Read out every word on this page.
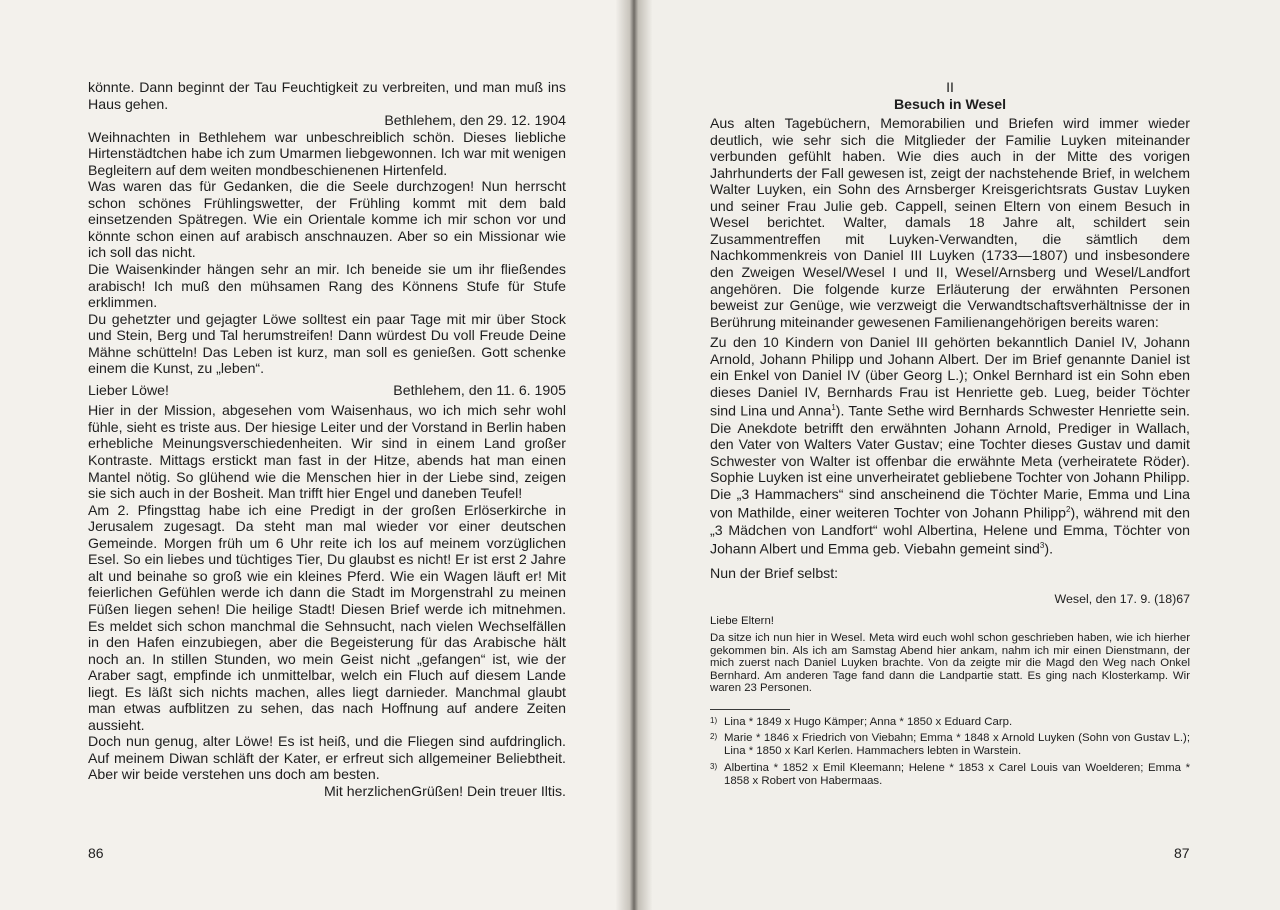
könnte. Dann beginnt der Tau Feuchtigkeit zu verbreiten, und man muß ins Haus gehen.

Bethlehem, den 29. 12. 1904

Weihnachten in Bethlehem war unbeschreiblich schön. Dieses liebliche Hirtenstädtchen habe ich zum Umarmen liebgewonnen. Ich war mit wenigen Begleitern auf dem weiten mondbeschienenen Hirtenfeld.

Was waren das für Gedanken, die die Seele durchzogen! Nun herrscht schon schönes Frühlingswetter, der Frühling kommt mit dem bald einsetzenden Spätregen. Wie ein Orientale komme ich mir schon vor und könnte schon einen auf arabisch anschnauzen. Aber so ein Missionar wie ich soll das nicht.

Die Waisenkinder hängen sehr an mir. Ich beneide sie um ihr fließendes arabisch! Ich muß den mühsamen Rang des Könnens Stufe für Stufe erklimmen.

Du gehetzter und gejagter Löwe solltest ein paar Tage mit mir über Stock und Stein, Berg und Tal herumstreifen! Dann würdest Du voll Freude Deine Mähne schütteln! Das Leben ist kurz, man soll es genießen. Gott schenke einem die Kunst, zu „leben“.

Lieber Löwe!	Bethlehem, den 11. 6. 1905

Hier in der Mission, abgesehen vom Waisenhaus, wo ich mich sehr wohl fühle, sieht es triste aus. Der hiesige Leiter und der Vorstand in Berlin haben erhebliche Meinungsverschiedenheiten. Wir sind in einem Land großer Kontraste. Mittags erstickt man fast in der Hitze, abends hat man einen Mantel nötig. So glühend wie die Menschen hier in der Liebe sind, zeigen sie sich auch in der Bosheit. Man trifft hier Engel und daneben Teufel!

Am 2. Pfingsttag habe ich eine Predigt in der großen Erlöserkirche in Jerusalem zugesagt. Da steht man mal wieder vor einer deutschen Gemeinde. Morgen früh um 6 Uhr reite ich los auf meinem vorzüglichen Esel. So ein liebes und tüchtiges Tier, Du glaubst es nicht! Er ist erst 2 Jahre alt und beinahe so groß wie ein kleines Pferd. Wie ein Wagen läuft er! Mit feierlichen Gefühlen werde ich dann die Stadt im Morgenstrahl zu meinen Füßen liegen sehen! Die heilige Stadt! Diesen Brief werde ich mitnehmen. Es meldet sich schon manchmal die Sehnsucht, nach vielen Wechselfällen in den Hafen einzubiegen, aber die Begeisterung für das Arabische hält noch an. In stillen Stunden, wo mein Geist nicht „gefangen“ ist, wie der Araber sagt, empfinde ich unmittelbar, welch ein Fluch auf diesem Lande liegt. Es läßt sich nichts machen, alles liegt darnieder. Manchmal glaubt man etwas aufblitzen zu sehen, das nach Hoffnung auf andere Zeiten aussieht.

Doch nun genug, alter Löwe! Es ist heiß, und die Fliegen sind aufdringlich. Auf meinem Diwan schläft der Kater, er erfreut sich allgemeiner Beliebtheit. Aber wir beide verstehen uns doch am besten.

Mit herzlichenGrüßen! Dein treuer Iltis.

86
II
Besuch in Wesel

Aus alten Tagebüchern, Memorabilien und Briefen wird immer wieder deutlich, wie sehr sich die Mitglieder der Familie Luyken miteinander verbunden gefühlt haben. Wie dies auch in der Mitte des vorigen Jahrhunderts der Fall gewesen ist, zeigt der nachstehende Brief, in welchem Walter Luyken, ein Sohn des Arnsberger Kreisgerichtsrats Gustav Luyken und seiner Frau Julie geb. Cappell, seinen Eltern von einem Besuch in Wesel berichtet. Walter, damals 18 Jahre alt, schildert sein Zusammentreffen mit Luyken-Verwandten, die sämtlich dem Nachkommenkreis von Daniel III Luyken (1733—1807) und insbesondere den Zweigen Wesel/Wesel I und II, Wesel/Arnsberg und Wesel/Landfort angehören. Die folgende kurze Erläuterung der erwähnten Personen beweist zur Genüge, wie verzweigt die Verwandtschaftsverhältnisse der in Berührung miteinander gewesenen Familienangehörigen bereits waren:

Zu den 10 Kindern von Daniel III gehörten bekanntlich Daniel IV, Johann Arnold, Johann Philipp und Johann Albert. Der im Brief genannte Daniel ist ein Enkel von Daniel IV (über Georg L.); Onkel Bernhard ist ein Sohn eben dieses Daniel IV, Bernhards Frau ist Henriette geb. Lueg, beider Töchter sind Lina und Anna$^1$). Tante Sethe wird Bernhards Schwester Henriette sein. Die Anekdote betrifft den erwähnten Johann Arnold, Prediger in Wallach, den Vater von Walters Vater Gustav; eine Tochter dieses Gustav und damit Schwester von Walter ist offenbar die erwähnte Meta (verheiratete Röder). Sophie Luyken ist eine unverheiratet gebliebene Tochter von Johann Philipp. Die „3 Hammachers“ sind anscheinend die Töchter Marie, Emma und Lina von Mathilde, einer weiteren Tochter von Johann Philipp$^2$), während mit den „3 Mädchen von Landfort“ wohl Albertina, Helene und Emma, Töchter von Johann Albert und Emma geb. Viebahn gemeint sind$^3$).

Nun der Brief selbst:

Wesel, den 17. 9. (18)67

Liebe Eltern!

Da sitze ich nun hier in Wesel. Meta wird euch wohl schon geschrieben haben, wie ich hierher gekommen bin. Als ich am Samstag Abend hier ankam, nahm ich mir einen Dienstmann, der mich zuerst nach Daniel Luyken brachte. Von da zeigte mir die Magd den Weg nach Onkel Bernhard. Am anderen Tage fand dann die Landpartie statt. Es ging nach Klosterkamp. Wir waren 23 Personen.

1) Lina * 1849 x Hugo Kämper; Anna * 1850 x Eduard Carp.
2) Marie * 1846 x Friedrich von Viebahn; Emma * 1848 x Arnold Luyken (Sohn von Gustav L.); Lina * 1850 x Karl Kerlen. Hammachers lebten in Warstein.
3) Albertina * 1852 x Emil Kleemann; Helene * 1853 x Carel Louis van Woelderen; Emma * 1858 x Robert von Habermaas.
87
